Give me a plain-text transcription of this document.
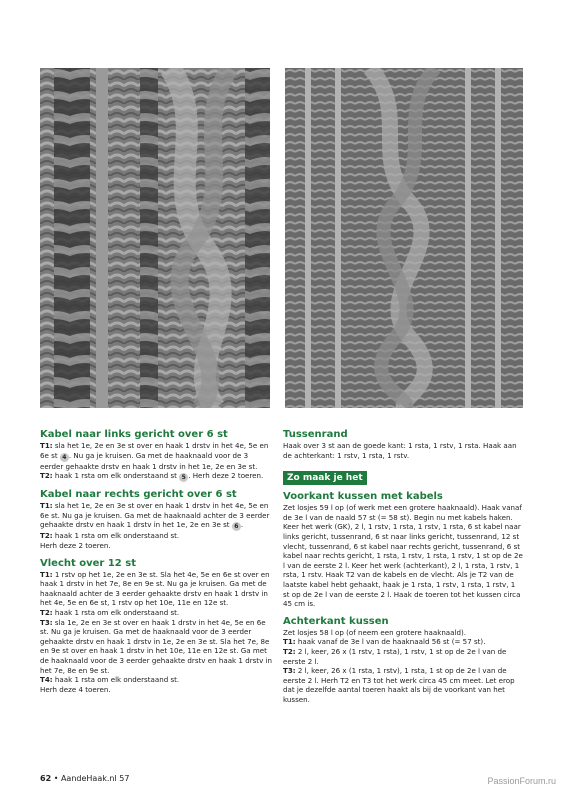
Kabel naar links gericht over 6 st

T1: sla het 1e, 2e en 3e st over en haak 1 drstv in het 4e, 5e en 6e st 4 . Nu ga je kruisen. Ga met de haaknaald voor de 3 eerder gehaakte drstv en haak 1 drstv in het 1e, 2e en 3e st.

T2: haak 1 rsta om elk onderstaand st 5 . Herh deze 2 toeren.

Kabel naar rechts gericht over 6 st

T1: sla het 1e, 2e en 3e st over en haak 1 drstv in het 4e, 5e en 6e st. Nu ga je kruisen. Ga met de haaknaald achter de 3 eerder gehaakte drstv en haak 1 drstv in het 1e, 2e en 3e st 6 .

T2: haak 1 rsta om elk onderstaand st.

Herh deze 2 toeren.

Vlecht over 12 st

T1: 1 rstv op het 1e, 2e en 3e st. Sla het 4e, 5e en 6e st over en haak 1 drstv in het 7e, 8e en 9e st. Nu ga je kruisen. Ga met de haaknaald achter de 3 eerder gehaakte drstv en haak 1 drstv in het 4e, 5e en 6e st, 1 rstv op het 10e, 11e en 12e st.

T2: haak 1 rsta om elk onderstaand st.

T3: sla 1e, 2e en 3e st over en haak 1 drstv in het 4e, 5e en 6e st. Nu ga je kruisen. Ga met de haaknaald voor de 3 eerder gehaakte drstv en haak 1 drstv in 1e, 2e en 3e st. Sla het 7e, 8e en 9e st over en haak 1 drstv in het 10e, 11e en 12e st. Ga met de haaknaald voor de 3 eerder gehaakte drstv en haak 1 drstv in het 7e, 8e en 9e st.

T4: haak 1 rsta om elk onderstaand st.

Herh deze 4 toeren.

Tussenrand

Haak over 3 st aan de goede kant: 1 rsta, 1 rstv, 1 rsta. Haak aan de achterkant: 1 rstv, 1 rsta, 1 rstv.

Zo maak je het
Voorkant kussen met kabels

Zet losjes 59 l op (of werk met een grotere haaknaald). Haak vanaf de 3e l van de naald 57 st (= 58 st). Begin nu met kabels haken. Keer het werk (GK), 2 l, 1 rstv, 1 rsta, 1 rstv, 1 rsta, 6 st kabel naar links gericht, tussenrand, 6 st naar links gericht, tussenrand, 12 st vlecht, tussenrand, 6 st kabel naar rechts gericht, tussenrand, 6 st kabel naar rechts gericht, 1 rsta, 1 rstv, 1 rsta, 1 rstv, 1 st op de 2e l van de eerste 2 l. Keer het werk (achterkant), 2 l, 1 rsta, 1 rstv, 1 rsta, 1 rstv. Haak T2 van de kabels en de vlecht. Als je T2 van de laatste kabel hebt gehaakt, haak je 1 rsta, 1 rstv, 1 rsta, 1 rstv, 1 st op de 2e l van de eerste 2 l. Haak de toeren tot het kussen circa 45 cm is.

Achterkant kussen

Zet losjes 58 l op (of neem een grotere haaknaald).

T1: haak vanaf de 3e l van de haaknaald 56 st (= 57 st).

T2: 2 l, keer, 26 x (1 rstv, 1 rsta), 1 rstv, 1 st op de 2e l van de eerste 2 l.

T3: 2 l, keer, 26 x (1 rsta, 1 rstv), 1 rsta, 1 st op de 2e l van de eerste 2 l. Herh T2 en T3 tot het werk circa 45 cm meet. Let erop dat je dezelfde aantal toeren haakt als bij de voorkant van het kussen.

62 • AandeHaak.nl 57	PassionForum.ru
